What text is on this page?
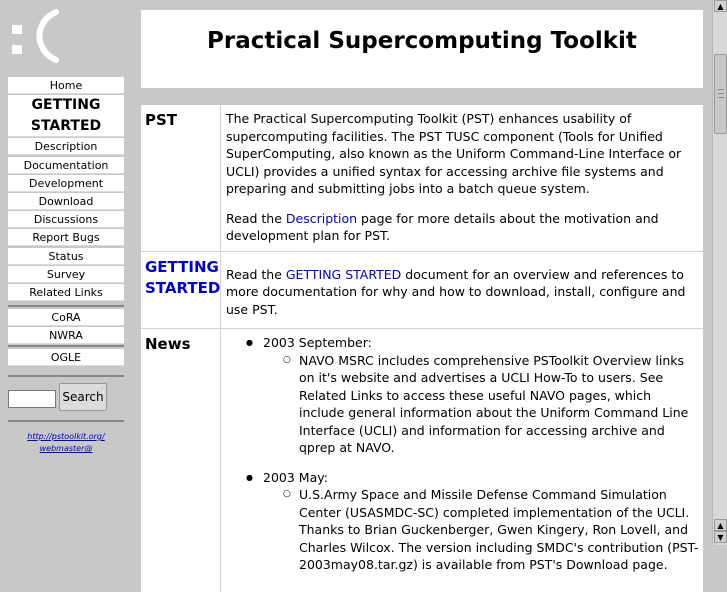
Home
GETTING STARTED
Description
Documentation
Development
Download
Discussions
Report Bugs
Status
Survey
Related Links
CoRA
NWRA
OGLE
Search
http://pstoolkit.org/
webmaster@
Practical Supercomputing Toolkit
PST	The Practical Supercomputing Toolkit (PST) enhances usability of supercomputing facilities. The PST TUSC component (Tools for Unified SuperComputing, also known as the Uniform Command-Line Interface or UCLI) provides a unified syntax for accessing archive file systems and preparing and submitting jobs into a batch queue system.

Read the Description page for more details about the motivation and development plan for PST.

GETTING STARTED

Read the GETTING STARTED document for an overview and references to more documentation for why and how to download, install, configure and use PST.

News
●	2003 September:
○ NAVO MSRC includes comprehensive PSToolkit Overview links on it's website and advertises a UCLI How-To to users. See Related Links to access these useful NAVO pages, which include general information about the Uniform Command Line Interface (UCLI) and information for accessing archive and qprep at NAVO.
● 2003 May:
○ U.S.Army Space and Missile Defense Command Simulation Center (USASMDC-SC) completed implementation of the UCLI. Thanks to Brian Guckenberger, Gwen Kingery, Ron Lovell, and Charles Wilcox. The version including SMDC's contribution (PST-2003may08.tar.gz) is available from PST's Download page.
▲
▲
▼
